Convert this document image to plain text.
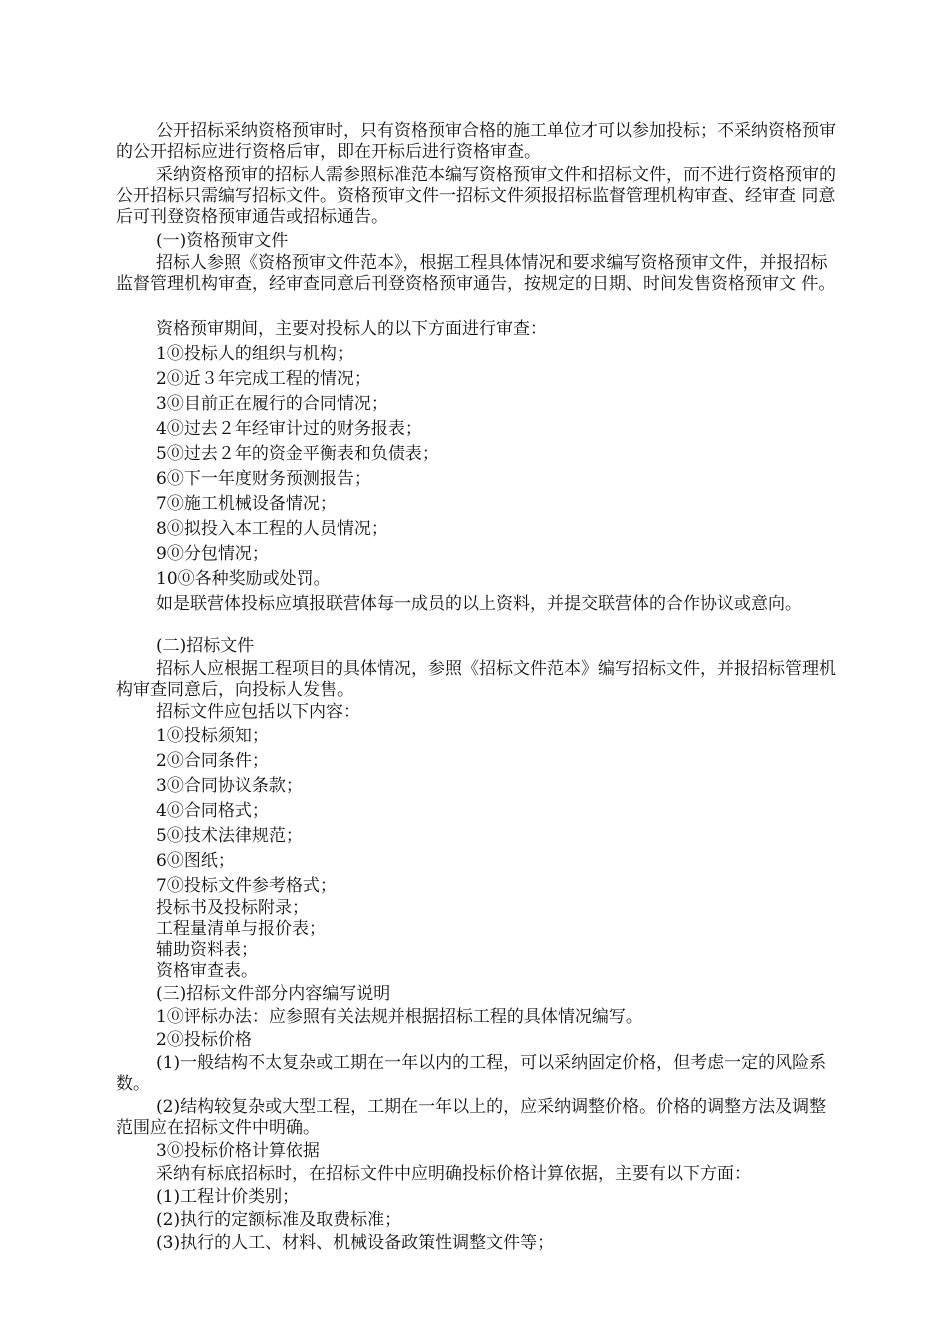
公开招标采纳资格预审时，只有资格预审合格的施工单位才可以参加投标；不采纳资格预审的公开招标应进行资格后审，即在开标后进行资格审查。

采纳资格预审的招标人需参照标准范本编写资格预审文件和招标文件，而不进行资格预审的公开招标只需编写招标文件。资格预审文件一招标文件须报招标监督管理机构审查、经审查 同意后可刊登资格预审通告或招标通告。

(一)资格预审文件

招标人参照《资格预审文件范本》，根据工程具体情况和要求编写资格预审文件，并报招标监督管理机构审查，经审查同意后刊登资格预审通告，按规定的日期、时间发售资格预审文 件。

资格预审期间，主要对投标人的以下方面进行审查：

1⓪投标人的组织与机构；

2⓪近３年完成工程的情况；

3⓪目前正在履行的合同情况；

4⓪过去２年经审计过的财务报表；

5⓪过去２年的资金平衡表和负债表；

6⓪下一年度财务预测报告；

7⓪施工机械设备情况；

8⓪拟投入本工程的人员情况；

9⓪分包情况；

10⓪各种奖励或处罚。

如是联营体投标应填报联营体每一成员的以上资料，并提交联营体的合作协议或意向。

(二)招标文件

招标人应根据工程项目的具体情况，参照《招标文件范本》编写招标文件，并报招标管理机构审查同意后，向投标人发售。

招标文件应包括以下内容：

1⓪投标须知；

2⓪合同条件；

3⓪合同协议条款；

4⓪合同格式；

5⓪技术法律规范；

6⓪图纸；

7⓪投标文件参考格式；

投标书及投标附录；

工程量清单与报价表；

辅助资料表；

资格审查表。

(三)招标文件部分内容编写说明

1⓪评标办法：应参照有关法规并根据招标工程的具体情况编写。

2⓪投标价格

(1)一般结构不太复杂或工期在一年以内的工程，可以采纳固定价格，但考虑一定的风险系数。

(2)结构较复杂或大型工程，工期在一年以上的，应采纳调整价格。价格的调整方法及调整范围应在招标文件中明确。

3⓪投标价格计算依据

采纳有标底招标时，在招标文件中应明确投标价格计算依据，主要有以下方面：

(1)工程计价类别；

(2)执行的定额标准及取费标准；

(3)执行的人工、材料、机械设备政策性调整文件等；
